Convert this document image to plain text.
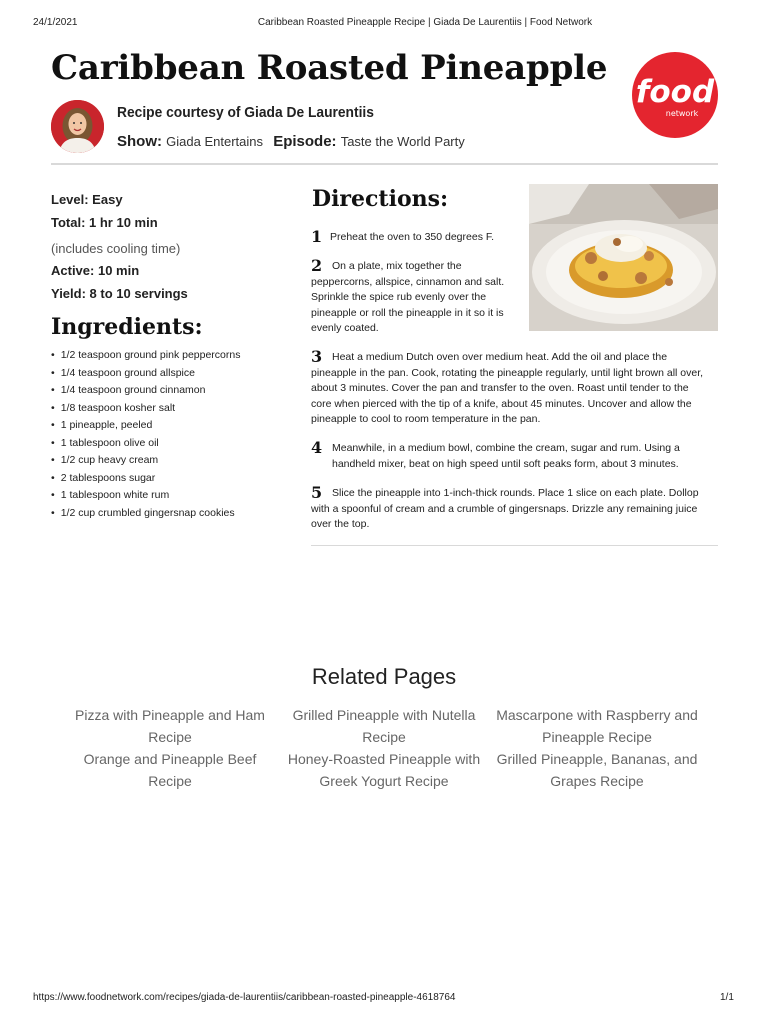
24/1/2021	Caribbean Roasted Pineapple Recipe | Giada De Laurentiis | Food Network
Caribbean Roasted Pineapple
food
network
Recipe courtesy of Giada De Laurentiis
Show: Giada Entertains Episode: Taste the World Party
Level: Easy
Total: 1 hr 10 min
(includes cooling time)
Active: 10 min
Yield: 8 to 10 servings
Ingredients:
• 1/2 teaspoon ground pink peppercorns
• 1/4 teaspoon ground allspice
• 1/4 teaspoon ground cinnamon
• 1/8 teaspoon kosher salt
• 1 pineapple, peeled
• 1 tablespoon olive oil
• 1/2 cup heavy cream
• 2 tablespoons sugar
• 1 tablespoon white rum
• 1/2 cup crumbled gingersnap cookies
Directions:
1 Preheat the oven to 350 degrees F.
2 On a plate, mix together the peppercorns, allspice, cinnamon and salt. Sprinkle the spice rub evenly over the pineapple or roll the pineapple in it so it is evenly coated.
3 Heat a medium Dutch oven over medium heat. Add the oil and place the pineapple in the pan. Cook, rotating the pineapple regularly, until light brown all over, about 3 minutes. Cover the pan and transfer to the oven. Roast until tender to the core when pierced with the tip of a knife, about 45 minutes. Uncover and allow the pineapple to cool to room temperature in the pan.
4 Meanwhile, in a medium bowl, combine the cream, sugar and rum. Using a handheld mixer, beat on high speed until soft peaks form, about 3 minutes.
5 Slice the pineapple into 1-inch-thick rounds. Place 1 slice on each plate. Dollop with a spoonful of cream and a crumble of gingersnaps. Drizzle any remaining juice over the top.
Related Pages
Pizza with Pineapple and Ham Recipe
Grilled Pineapple with Nutella Recipe
Mascarpone with Raspberry and Pineapple Recipe
Orange and Pineapple Beef Recipe
Honey-Roasted Pineapple with Greek Yogurt Recipe
Grilled Pineapple, Bananas, and Grapes Recipe
https://www.foodnetwork.com/recipes/giada-de-laurentiis/caribbean-roasted-pineapple-4618764	1/1
